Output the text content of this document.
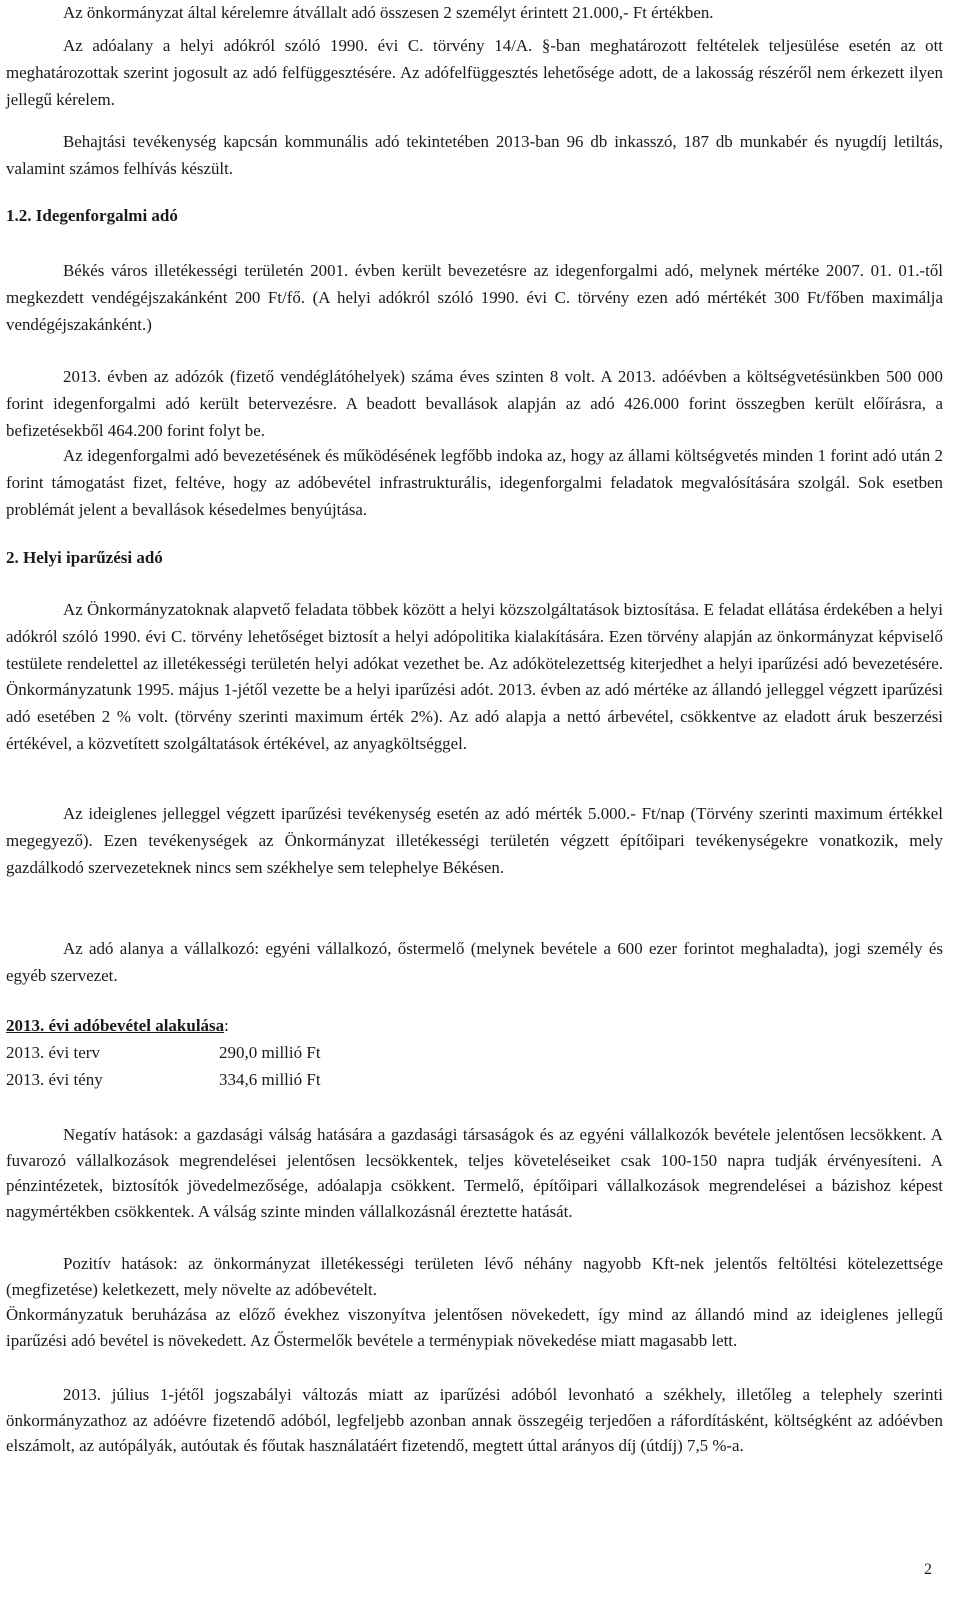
Az önkormányzat által kérelemre átvállalt adó összesen 2 személyt érintett 21.000,- Ft értékben.

Az adóalany a helyi adókról szóló 1990. évi C. törvény 14/A. §-ban meghatározott feltételek teljesülése esetén az ott meghatározottak szerint jogosult az adó felfüggesztésére. Az adófelfüggesztés lehetősége adott, de a lakosság részéről nem érkezett ilyen jellegű kérelem.

Behajtási tevékenység kapcsán kommunális adó tekintetében 2013-ban 96 db inkasszó, 187 db munkabér és nyugdíj letiltás, valamint számos felhívás készült.

1.2. Idegenforgalmi adó

Békés város illetékességi területén 2001. évben került bevezetésre az idegenforgalmi adó, melynek mértéke 2007. 01. 01.-től megkezdett vendégéjszakánként 200 Ft/fő. (A helyi adókról szóló 1990. évi C. törvény ezen adó mértékét 300 Ft/főben maximálja vendégéjszakánként.)

2013. évben az adózók (fizető vendéglátóhelyek) száma éves szinten 8 volt. A 2013. adóévben a költségvetésünkben 500 000 forint idegenforgalmi adó került betervezésre. A beadott bevallások alapján az adó 426.000 forint összegben került előírásra, a befizetésekből 464.200 forint folyt be.

Az idegenforgalmi adó bevezetésének és működésének legfőbb indoka az, hogy az állami költségvetés minden 1 forint adó után 2 forint támogatást fizet, feltéve, hogy az adóbevétel infrastrukturális, idegenforgalmi feladatok megvalósítására szolgál. Sok esetben problémát jelent a bevallások késedelmes benyújtása.

2. Helyi iparűzési adó

Az Önkormányzatoknak alapvető feladata többek között a helyi közszolgáltatások biztosítása. E feladat ellátása érdekében a helyi adókról szóló 1990. évi C. törvény lehetőséget biztosít a helyi adópolitika kialakítására. Ezen törvény alapján az önkormányzat képviselő testülete rendelettel az illetékességi területén helyi adókat vezethet be. Az adókötelezettség kiterjedhet a helyi iparűzési adó bevezetésére. Önkormányzatunk 1995. május 1-jétől vezette be a helyi iparűzési adót. 2013. évben az adó mértéke az állandó jelleggel végzett iparűzési adó esetében 2 % volt. (törvény szerinti maximum érték 2%). Az adó alapja a nettó árbevétel, csökkentve az eladott áruk beszerzési értékével, a közvetített szolgáltatások értékével, az anyagköltséggel.

Az ideiglenes jelleggel végzett iparűzési tevékenység esetén az adó mérték 5.000.- Ft/nap (Törvény szerinti maximum értékkel megegyező). Ezen tevékenységek az Önkormányzat illetékességi területén végzett építőipari tevékenységekre vonatkozik, mely gazdálkodó szervezeteknek nincs sem székhelye sem telephelye Békésen.

Az adó alanya a vállalkozó: egyéni vállalkozó, őstermelő (melynek bevétele a 600 ezer forintot meghaladta), jogi személy és egyéb szervezet.

2013. évi adóbevétel alakulása:
2013. évi terv	290,0 millió Ft
2013. évi tény	334,6 millió Ft

Negatív hatások: a gazdasági válság hatására a gazdasági társaságok és az egyéni vállalkozók bevétele jelentősen lecsökkent. A fuvarozó vállalkozások megrendelései jelentősen lecsökkentek, teljes követeléseiket csak 100-150 napra tudják érvényesíteni. A pénzintézetek, biztosítók jövedelmezősége, adóalapja csökkent. Termelő, építőipari vállalkozások megrendelései a bázishoz képest nagymértékben csökkentek. A válság szinte minden vállalkozásnál éreztette hatását.

Pozitív hatások: az önkormányzat illetékességi területen lévő néhány nagyobb Kft-nek jelentős feltöltési kötelezettsége (megfizetése) keletkezett, mely növelte az adóbevételt.

Önkormányzatuk beruházása az előző évekhez viszonyítva jelentősen növekedett, így mind az állandó mind az ideiglenes jellegű iparűzési adó bevétel is növekedett. Az Őstermelők bevétele a terménypiak növekedése miatt magasabb lett.

2013. július 1-jétől jogszabályi változás miatt az iparűzési adóból levonható a székhely, illetőleg a telephely szerinti önkormányzathoz az adóévre fizetendő adóból, legfeljebb azonban annak összegéig terjedően a ráfordításként, költségként az adóévben elszámolt, az autópályák, autóutak és főutak használatáért fizetendő, megtett úttal arányos díj (útdíj) 7,5 %-a.

2
